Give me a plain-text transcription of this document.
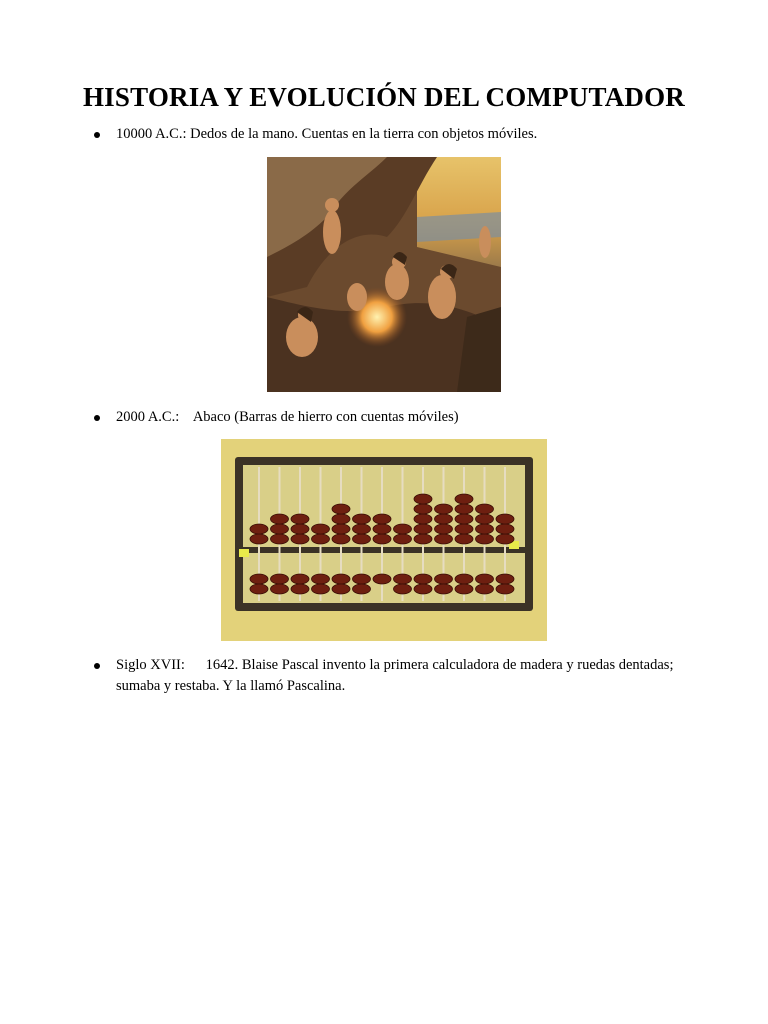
HISTORIA Y EVOLUCIÓN DEL COMPUTADOR

10000 A.C.: Dedos de la mano. Cuentas en la tierra con objetos móviles.

2000 A.C.: Abaco (Barras de hierro con cuentas móviles)

Siglo XVII: 1642. Blaise Pascal invento la primera calculadora de madera y ruedas dentadas; sumaba y restaba. Y la llamó Pascalina.
